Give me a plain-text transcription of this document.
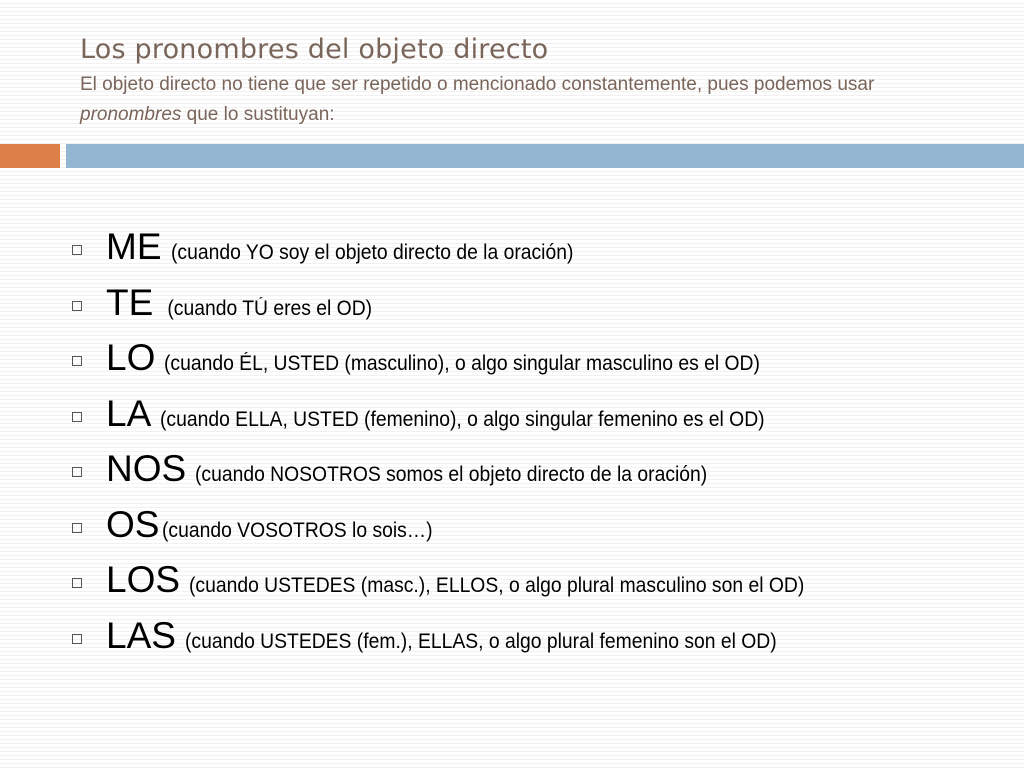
Los pronombres del objeto directo

El objeto directo no tiene que ser repetido o mencionado constantemente, pues podemos usar
pronombres que lo sustituyan:

ME (cuando YO soy el objeto directo de la oración)
TE (cuando TÚ eres el OD)
LO (cuando ÉL, USTED (masculino), o algo singular masculino es el OD)
LA (cuando ELLA, USTED (femenino), o algo singular femenino es el OD)
NOS (cuando NOSOTROS somos el objeto directo de la oración)
OS (cuando VOSOTROS lo sois…)
LOS (cuando USTEDES (masc.), ELLOS, o algo plural masculino son el OD)
LAS (cuando USTEDES (fem.), ELLAS, o algo plural femenino son el OD)
